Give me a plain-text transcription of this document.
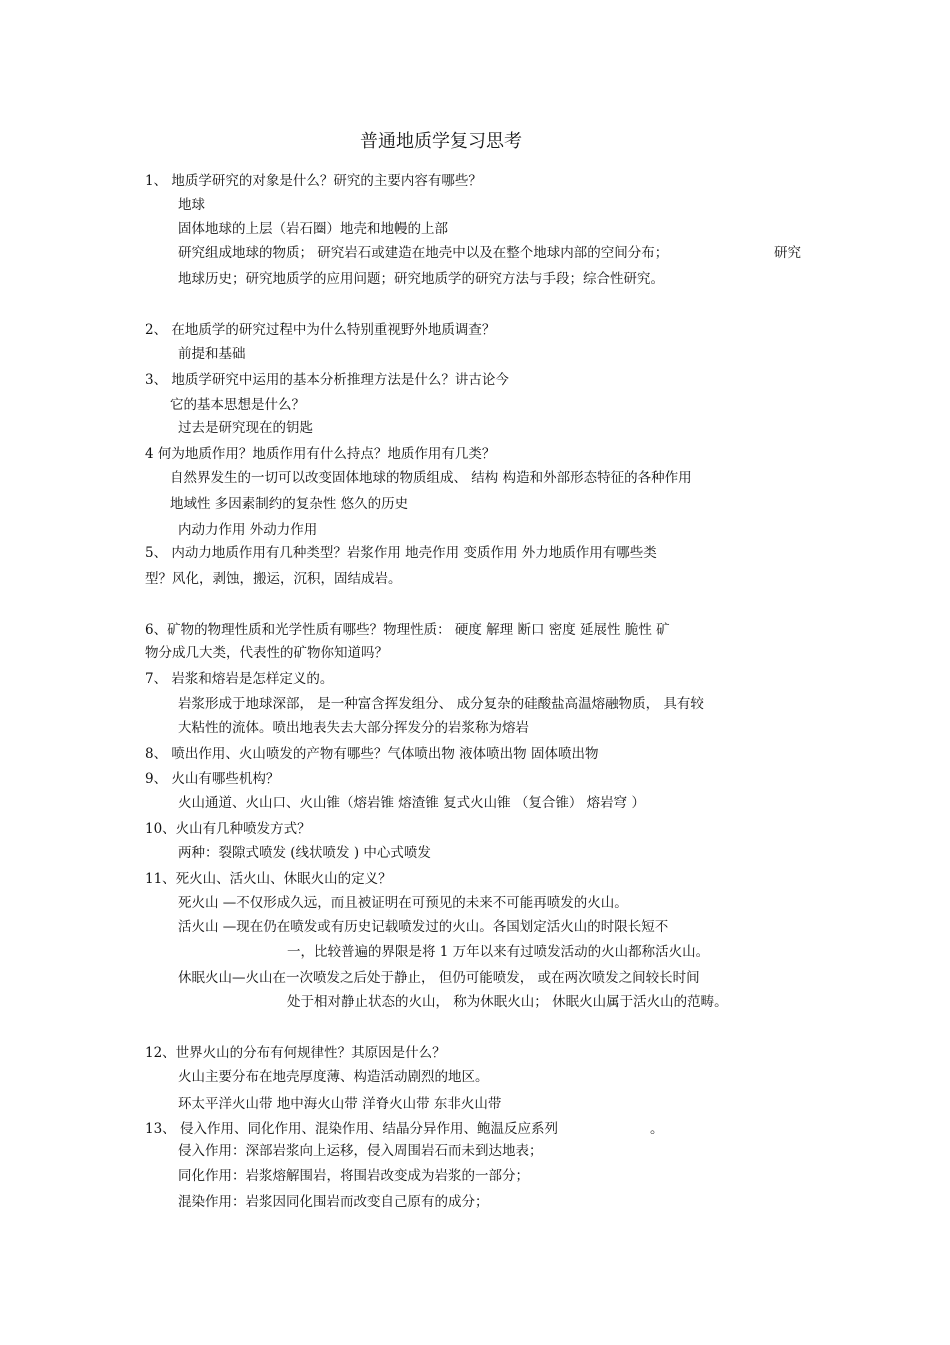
普通地质学复习思考
1、 地质学研究的对象是什么？研究的主要内容有哪些？
地球
固体地球的上层（岩石圈）地壳和地幔的上部
研究组成地球的物质； 研究岩石或建造在地壳中以及在整个地球内部的空间分布；	研究
地球历史；研究地质学的应用问题；研究地质学的研究方法与手段；综合性研究。
2、 在地质学的研究过程中为什么特别重视野外地质调查？
前提和基础
3、 地质学研究中运用的基本分析推理方法是什么？讲古论今
它的基本思想是什么？
过去是研究现在的钥匙
4 何为地质作用？地质作用有什么持点？地质作用有几类？
自然界发生的一切可以改变固体地球的物质组成、 结构 构造和外部形态特征的各种作用
地域性 多因素制约的复杂性 悠久的历史
内动力作用 外动力作用
5、 内动力地质作用有几种类型？岩浆作用 地壳作用 变质作用 外力地质作用有哪些类
型？风化，剥蚀，搬运，沉积，固结成岩。
6、矿物的物理性质和光学性质有哪些？物理性质： 硬度 解理 断口 密度 延展性 脆性 矿
物分成几大类，代表性的矿物你知道吗？
7、 岩浆和熔岩是怎样定义的。
岩浆形成于地球深部， 是一种富含挥发组分、 成分复杂的硅酸盐高温熔融物质， 具有较
大粘性的流体。喷出地表失去大部分挥发分的岩浆称为熔岩
8、 喷出作用、火山喷发的产物有哪些？气体喷出物 液体喷出物 固体喷出物
9、 火山有哪些机构？
火山通道、火山口、火山锥（熔岩锥 熔渣锥 复式火山锥 （复合锥） 熔岩穹 ）
10、火山有几种喷发方式？
两种：裂隙式喷发 (线状喷发 ) 中心式喷发
11、死火山、活火山、休眠火山的定义？
死火山 —不仅形成久远，而且被证明在可预见的未来不可能再喷发的火山。
活火山 —现在仍在喷发或有历史记载喷发过的火山。各国划定活火山的时限长短不
一，比较普遍的界限是将 1 万年以来有过喷发活动的火山都称活火山。
休眠火山—火山在一次喷发之后处于静止， 但仍可能喷发， 或在两次喷发之间较长时间
处于相对静止状态的火山， 称为休眠火山； 休眠火山属于活火山的范畴。
12、世界火山的分布有何规律性？其原因是什么？
火山主要分布在地壳厚度薄、构造活动剧烈的地区。
环太平洋火山带 地中海火山带 洋脊火山带 东非火山带
13、 侵入作用、同化作用、混染作用、结晶分异作用、鲍温反应系列	。
侵入作用：深部岩浆向上运移，侵入周围岩石而未到达地表；
同化作用：岩浆熔解围岩，将围岩改变成为岩浆的一部分；
混染作用：岩浆因同化围岩而改变自己原有的成分；
